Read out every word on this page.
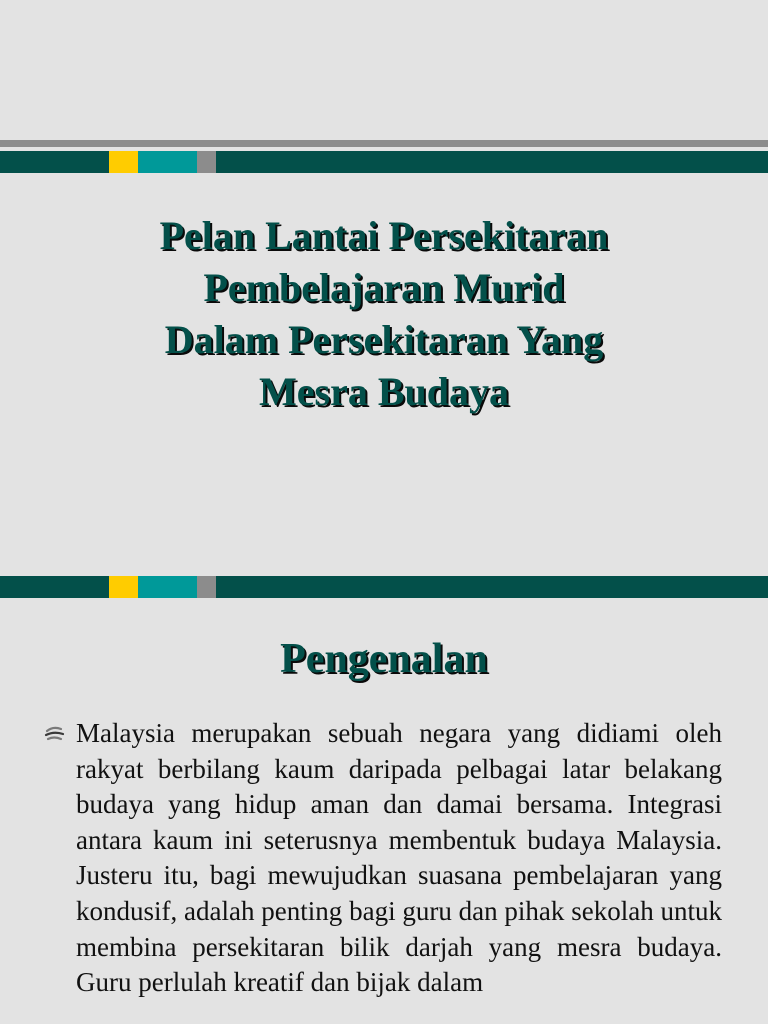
Pelan Lantai Persekitaran
Pembelajaran Murid
Dalam Persekitaran Yang
Mesra Budaya
Pengenalan

Malaysia merupakan sebuah negara yang didiami oleh rakyat berbilang kaum daripada pelbagai latar belakang budaya yang hidup aman dan damai bersama. Integrasi antara kaum ini seterusnya membentuk budaya Malaysia. Justeru itu, bagi mewujudkan suasana pembelajaran yang kondusif, adalah penting bagi guru dan pihak sekolah untuk membina persekitaran bilik darjah yang mesra budaya. Guru perlulah kreatif dan bijak dalam
